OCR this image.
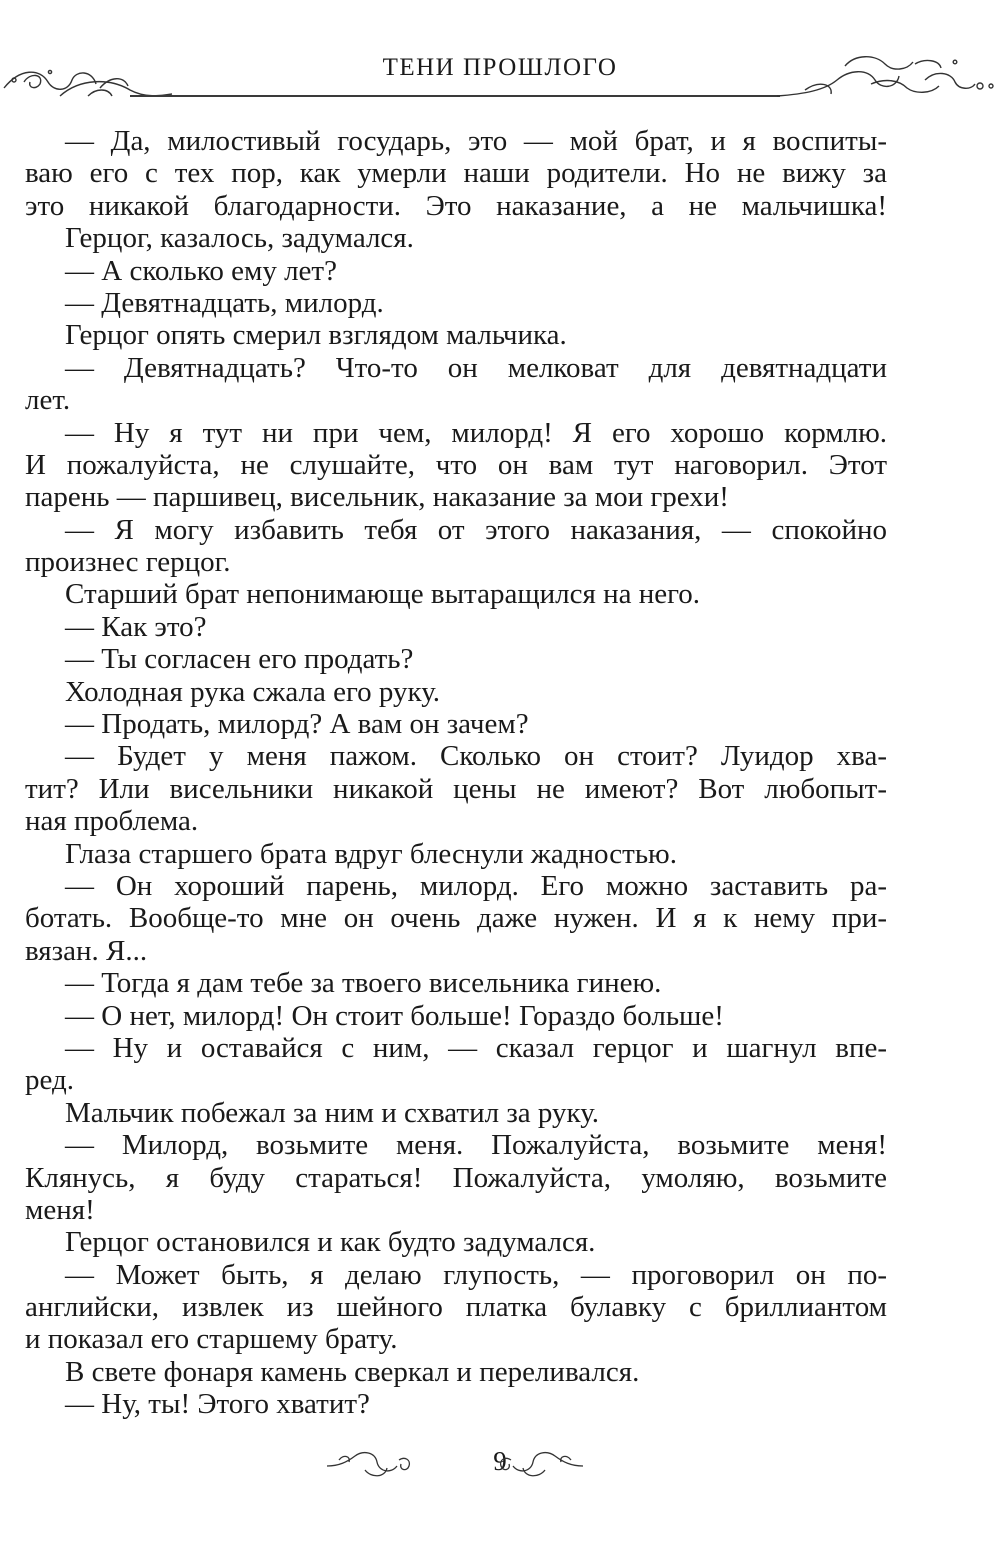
ТЕНИ ПРОШЛОГО
— Да, милостивый государь, это — мой брат, и я воспиты-
ваю его с тех пор, как умерли наши родители. Но не вижу за
это никакой благодарности. Это наказание, а не мальчишка!
Герцог, казалось, задумался.
— А сколько ему лет?
— Девятнадцать, милорд.
Герцог опять смерил взглядом мальчика.
— Девятнадцать? Что-то он мелковат для девятнадцати
лет.
— Ну я тут ни при чем, милорд! Я его хорошо кормлю.
И пожалуйста, не слушайте, что он вам тут наговорил. Этот
парень — паршивец, висельник, наказание за мои грехи!
— Я могу избавить тебя от этого наказания, — спокойно
произнес герцог.
Старший брат непонимающе вытаращился на него.
— Как это?
— Ты согласен его продать?
Холодная рука сжала его руку.
— Продать, милорд? А вам он зачем?
— Будет у меня пажом. Сколько он стоит? Луидор хва-
тит? Или висельники никакой цены не имеют? Вот любопыт-
ная проблема.
Глаза старшего брата вдруг блеснули жадностью.
— Он хороший парень, милорд. Его можно заставить ра-
ботать. Вообще-то мне он очень даже нужен. И я к нему при-
вязан. Я...
— Тогда я дам тебе за твоего висельника гинею.
— О нет, милорд! Он стоит больше! Гораздо больше!
— Ну и оставайся с ним, — сказал герцог и шагнул впе-
ред.
Мальчик побежал за ним и схватил за руку.
— Милорд, возьмите меня. Пожалуйста, возьмите меня!
Клянусь, я буду стараться! Пожалуйста, умоляю, возьмите
меня!
Герцог остановился и как будто задумался.
— Может быть, я делаю глупость, — проговорил он по-
английски, извлек из шейного платка булавку с бриллиантом
и показал его старшему брату.
В свете фонаря камень сверкал и переливался.
— Ну, ты! Этого хватит?
9
